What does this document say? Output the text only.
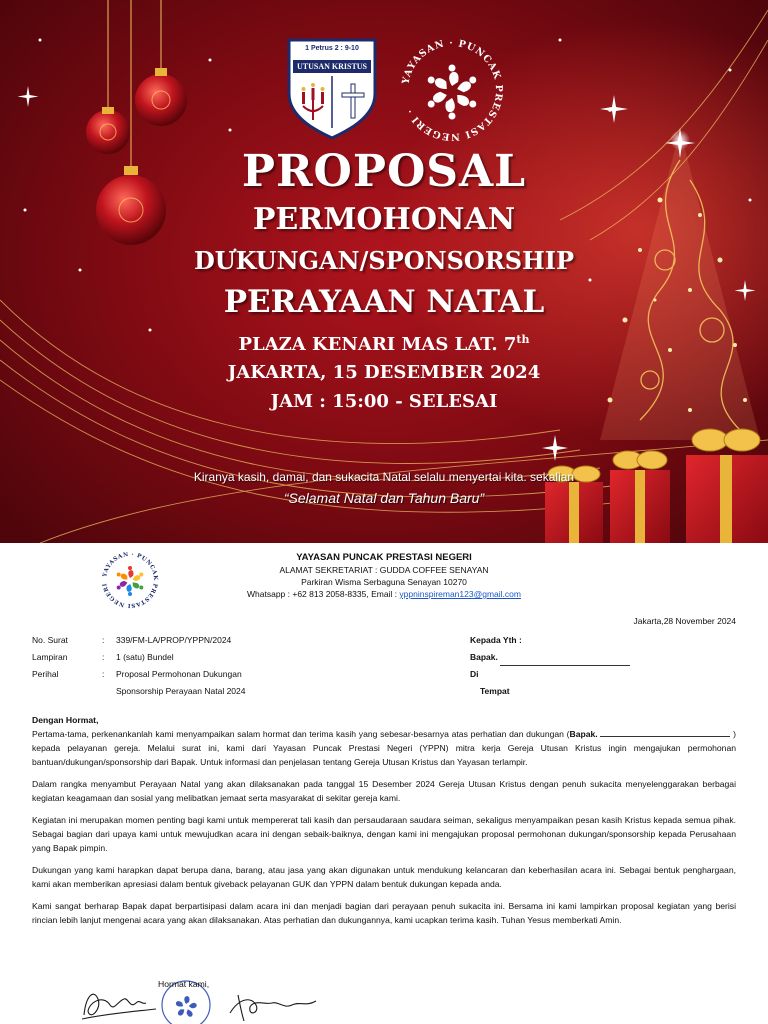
1 Petrus 2 : 9-10
UTUSAN KRISTUS
YAYASAN · PUNCAK PRESTASI NEGERI ·
PROPOSAL
PERMOHONAN
DUKUNGAN/SPONSORSHIP
PERAYAAN NATAL
PLAZA KENARI MAS LAT. 7th
JAKARTA, 15 DESEMBER 2024
JAM : 15:00 - SELESAI
Kiranya kasih, damai, dan sukacita Natal selalu menyertai kita. sekalian
“Selamat Natal dan Tahun Baru”
YAYASAN · PUNCAK PRESTASI NEGERI
YAYASAN PUNCAK PRESTASI NEGERI
ALAMAT SEKRETARIAT : GUDDA COFFEE SENAYAN
Parkiran Wisma Serbaguna Senayan 10270
Whatsapp : +62 813 2058-8335, Email : yppninspireman123@gmail.com
Jakarta,28 November 2024
No. Surat	:	339/FM-LA/PROP/YPPN/2024
Lampiran	:	1 (satu) Bundel
Perihal	:	Proposal Permohonan Dukungan
Sponsorship Perayaan Natal 2024
Kepada Yth :
Bapak.
Di
Tempat
Dengan Hormat,

Pertama-tama, perkenankanlah kami menyampaikan salam hormat dan terima kasih yang sebesar-besarnya atas perhatian dan dukungan (Bapak.	) kepada pelayanan gereja. Melalui surat ini, kami dari Yayasan Puncak Prestasi Negeri (YPPN) mitra kerja Gereja Utusan Kristus ingin mengajukan permohonan bantuan/dukungan/sponsorship dari Bapak. Untuk informasi dan penjelasan tentang Gereja Utusan Kristus dan Yayasan terlampir.

Dalam rangka menyambut Perayaan Natal yang akan dilaksanakan pada tanggal 15 Desember 2024 Gereja Utusan Kristus dengan penuh sukacita menyelenggarakan berbagai kegiatan keagamaan dan sosial yang melibatkan jemaat serta masyarakat di sekitar gereja kami.

Kegiatan ini merupakan momen penting bagi kami untuk mempererat tali kasih dan persaudaraan saudara seiman, sekaligus menyampaikan pesan kasih Kristus kepada semua pihak. Sebagai bagian dari upaya kami untuk mewujudkan acara ini dengan sebaik-baiknya, dengan kami ini mengajukan proposal permohonan dukungan/sponsorship kepada Perusahaan yang Bapak pimpin.

Dukungan yang kami harapkan dapat berupa dana, barang, atau jasa yang akan digunakan untuk mendukung kelancaran dan keberhasilan acara ini. Sebagai bentuk penghargaan, kami akan memberikan apresiasi dalam bentuk giveback pelayanan GUK dan YPPN dalam bentuk dukungan kepada anda.

Kami sangat berharap Bapak dapat berpartisipasi dalam acara ini dan menjadi bagian dari perayaan penuh sukacita ini. Bersama ini kami lampirkan proposal kegiatan yang berisi rincian lebih lanjut mengenai acara yang akan dilaksanakan. Atas perhatian dan dukungannya, kami ucapkan terima kasih. Tuhan Yesus memberkati Amin.

Hormat kami,
